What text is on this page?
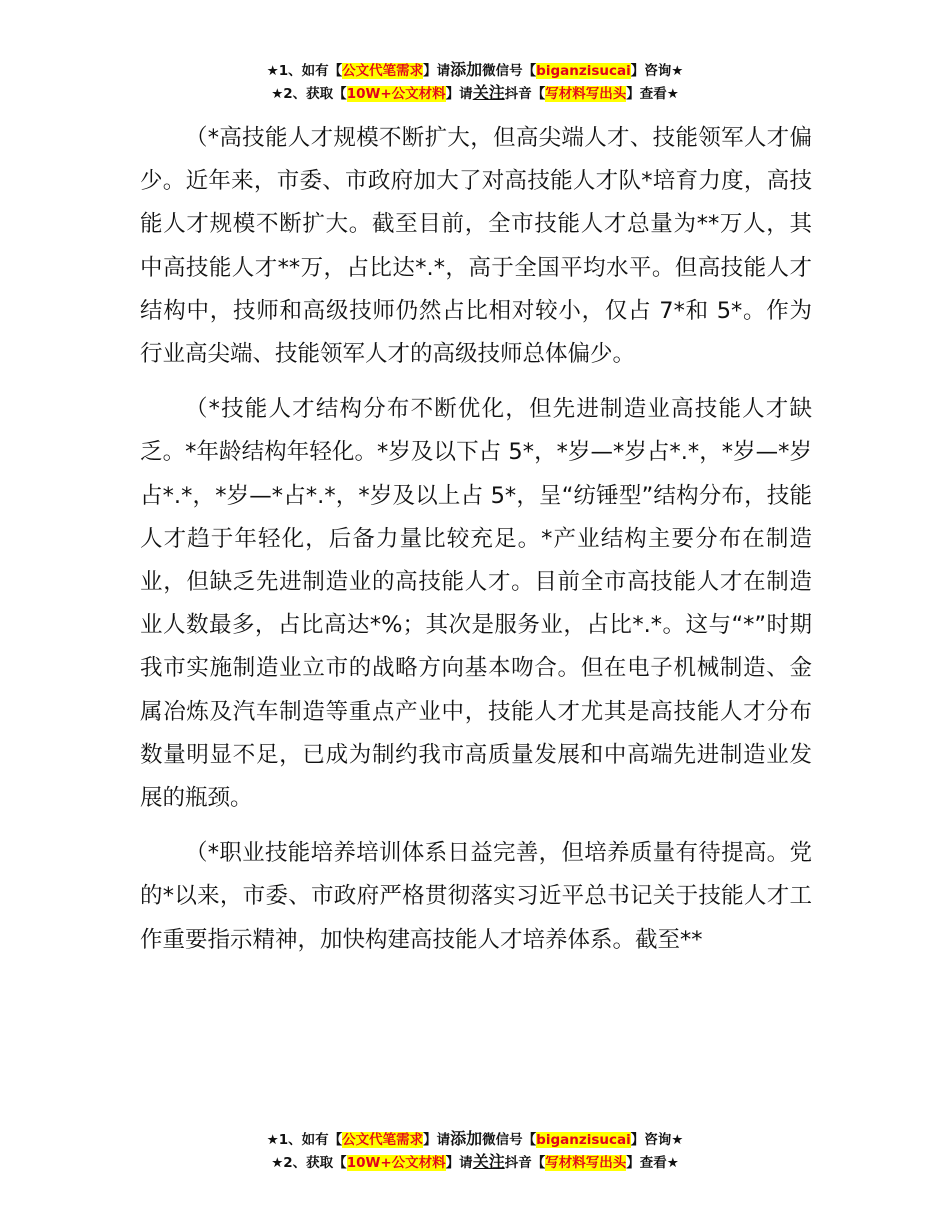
★1、如有【公文代笔需求】请添加微信号【biganzisucai】咨询★
★2、获取【10W+公文材料】请关注抖音【写材料写出头】查看★

（*高技能人才规模不断扩大，但高尖端人才、技能领军人才偏少。近年来，市委、市政府加大了对高技能人才队*培育力度，高技能人才规模不断扩大。截至目前，全市技能人才总量为**万人，其中高技能人才**万，占比达*.*，高于全国平均水平。但高技能人才结构中，技师和高级技师仍然占比相对较小，仅占 7*和 5*。作为行业高尖端、技能领军人才的高级技师总体偏少。

（*技能人才结构分布不断优化，但先进制造业高技能人才缺乏。*年龄结构年轻化。*岁及以下占 5*，*岁—*岁占*.*，*岁—*岁占*.*，*岁—*占*.*，*岁及以上占 5*，呈“纺锤型”结构分布，技能人才趋于年轻化，后备力量比较充足。*产业结构主要分布在制造业，但缺乏先进制造业的高技能人才。目前全市高技能人才在制造业人数最多，占比高达*%；其次是服务业，占比*.*。这与“*”时期我市实施制造业立市的战略方向基本吻合。但在电子机械制造、金属冶炼及汽车制造等重点产业中，技能人才尤其是高技能人才分布数量明显不足，已成为制约我市高质量发展和中高端先进制造业发展的瓶颈。

（*职业技能培养培训体系日益完善，但培养质量有待提高。党的*以来，市委、市政府严格贯彻落实习近平总书记关于技能人才工作重要指示精神，加快构建高技能人才培养体系。截至**

★1、如有【公文代笔需求】请添加微信号【biganzisucai】咨询★
★2、获取【10W+公文材料】请关注抖音【写材料写出头】查看★
